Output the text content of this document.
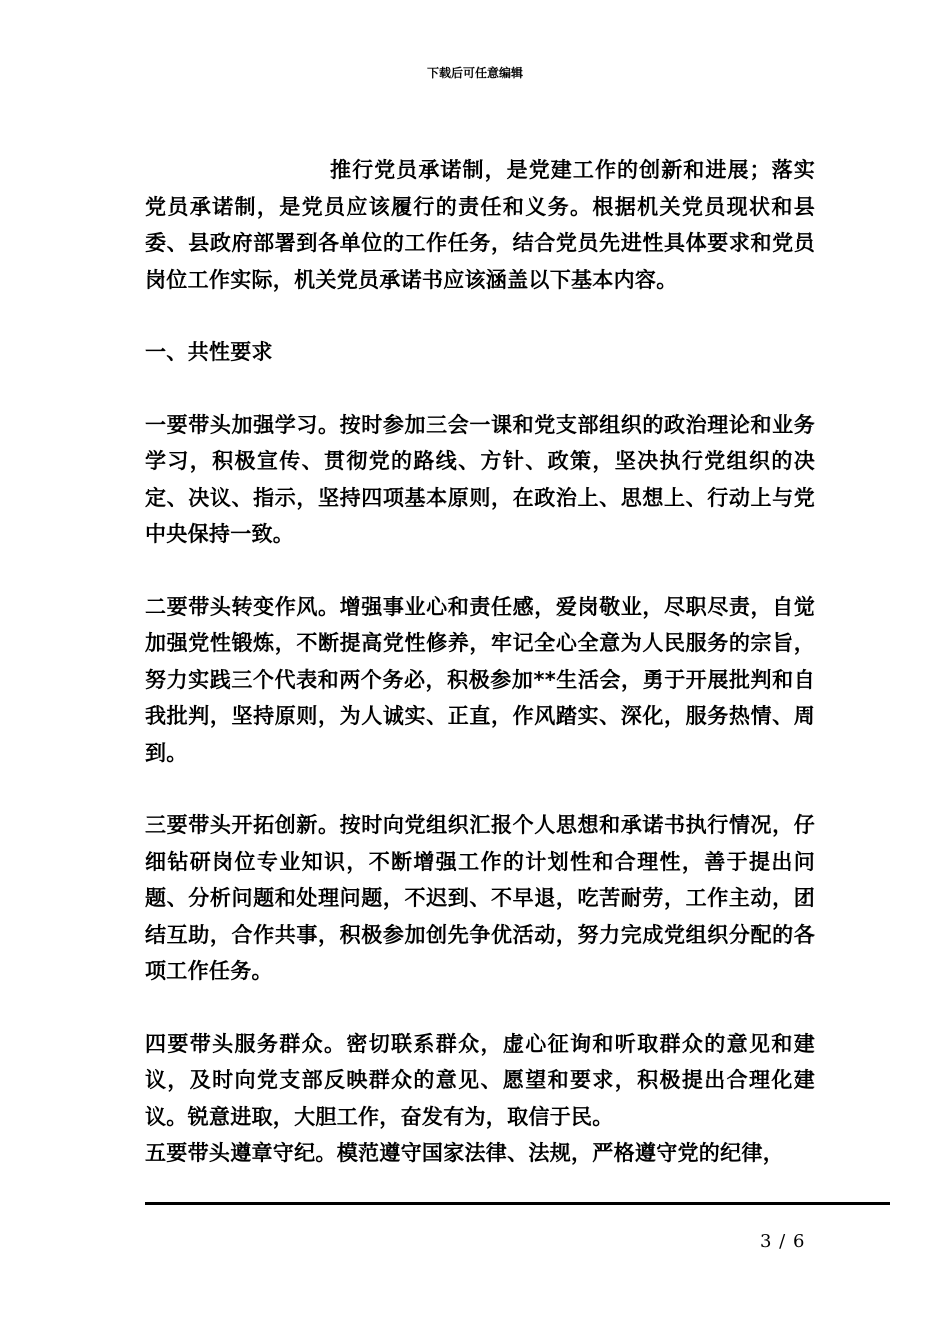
下载后可任意编辑

推行党员承诺制，是党建工作的创新和进展；落实党员承诺制，是党员应该履行的责任和义务。根据机关党员现状和县委、县政府部署到各单位的工作任务，结合党员先进性具体要求和党员岗位工作实际，机关党员承诺书应该涵盖以下基本内容。

一、共性要求

一要带头加强学习。按时参加三会一课和党支部组织的政治理论和业务学习，积极宣传、贯彻党的路线、方针、政策，坚决执行党组织的决定、决议、指示，坚持四项基本原则，在政治上、思想上、行动上与党中央保持一致。

二要带头转变作风。增强事业心和责任感，爱岗敬业，尽职尽责，自觉加强党性锻炼，不断提高党性修养，牢记全心全意为人民服务的宗旨，努力实践三个代表和两个务必，积极参加**生活会，勇于开展批判和自我批判，坚持原则，为人诚实、正直，作风踏实、深化，服务热情、周到。

三要带头开拓创新。按时向党组织汇报个人思想和承诺书执行情况，仔细钻研岗位专业知识，不断增强工作的计划性和合理性，善于提出问题、分析问题和处理问题，不迟到、不早退，吃苦耐劳，工作主动，团结互助，合作共事，积极参加创先争优活动，努力完成党组织分配的各项工作任务。

四要带头服务群众。密切联系群众，虚心征询和听取群众的意见和建议，及时向党支部反映群众的意见、愿望和要求，积极提出合理化建议。锐意进取，大胆工作，奋发有为，取信于民。

五要带头遵章守纪。模范遵守国家法律、法规，严格遵守党的纪律，

3 / 6
